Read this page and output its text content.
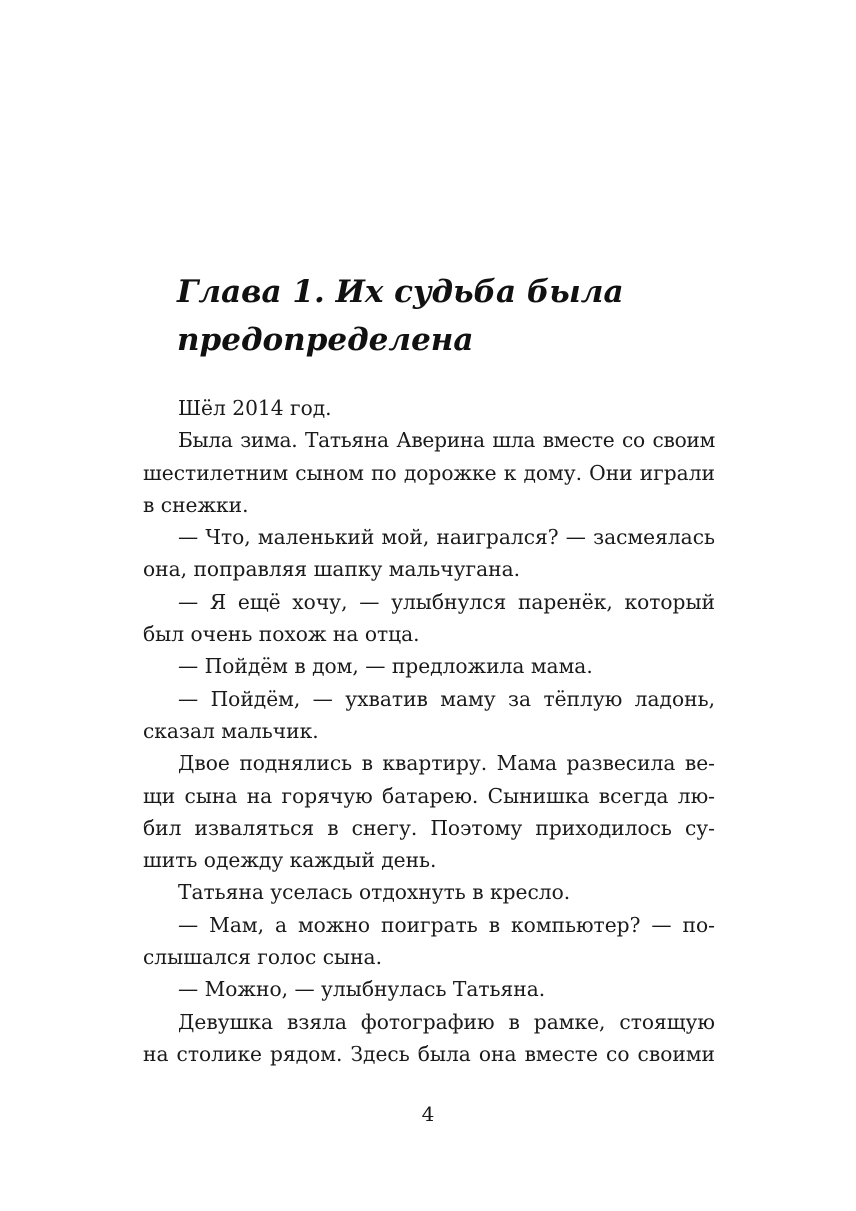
Глава 1. Их судьба была
предопределена
Шёл 2014 год.
Была зима. Татьяна Аверина шла вместе со своим
шестилетним сыном по дорожке к дому. Они играли
в снежки.
— Что, маленький мой, наигрался? — засмеялась
она, поправляя шапку мальчугана.
— Я ещё хочу, — улыбнулся паренёк, который
был очень похож на отца.
— Пойдём в дом, — предложила мама.
— Пойдём, — ухватив маму за тёплую ладонь,
сказал мальчик.
Двое поднялись в квартиру. Мама развесила ве-
щи сына на горячую батарею. Сынишка всегда лю-
бил изваляться в снегу. Поэтому приходилось су-
шить одежду каждый день.
Татьяна уселась отдохнуть в кресло.
— Мам, а можно поиграть в компьютер? — по-
слышался голос сына.
— Можно, — улыбнулась Татьяна.
Девушка взяла фотографию в рамке, стоящую
на столике рядом. Здесь была она вместе со своими
4
